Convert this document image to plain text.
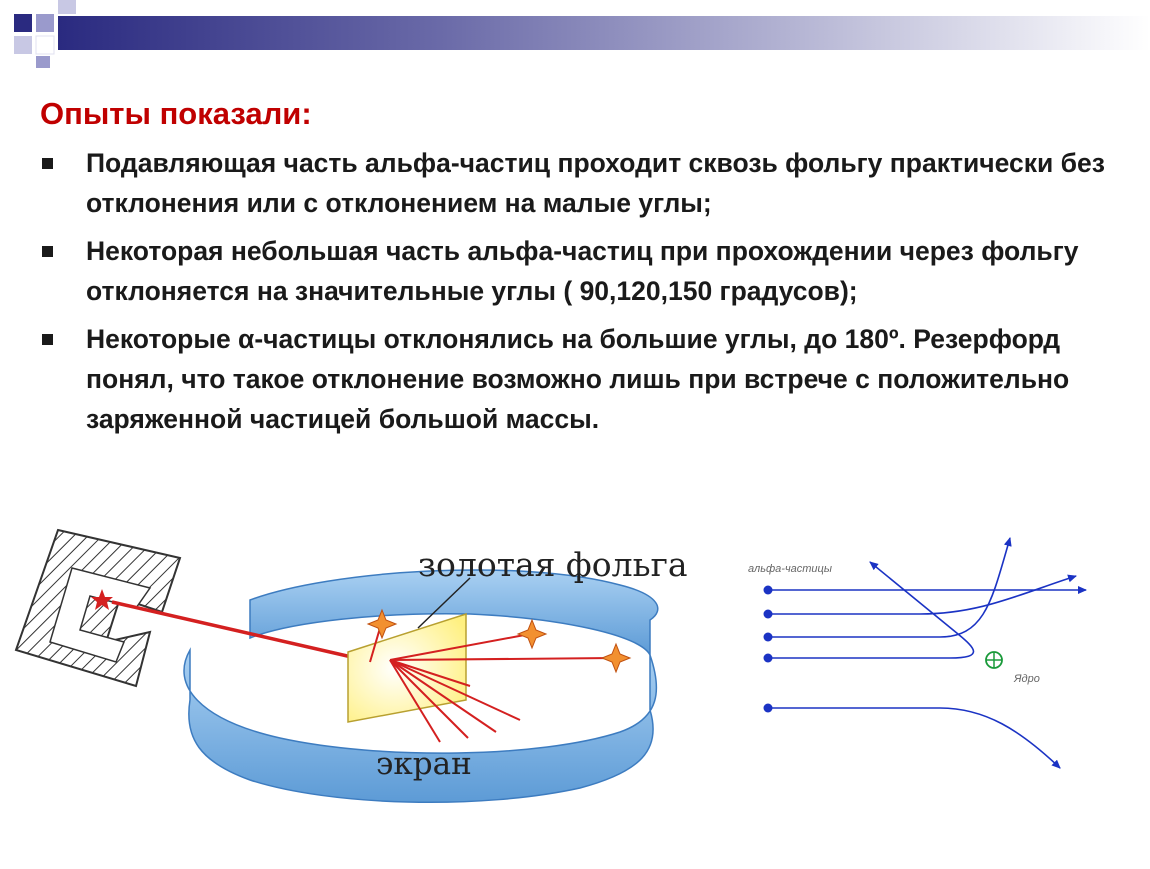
Опыты показали:
Подавляющая часть альфа-частиц проходит сквозь фольгу практически без отклонения или с отклонением на малые углы;
Некоторая небольшая часть альфа-частиц при прохождении через фольгу отклоняется на значительные углы ( 90,120,150 градусов);
Некоторые α-частицы отклонялись на большие углы, до 180º. Резерфорд понял, что такое отклонение возможно лишь при встрече с положительно заряженной частицей большой массы.
золотая фольга
экран
альфа-частицы
Ядро
